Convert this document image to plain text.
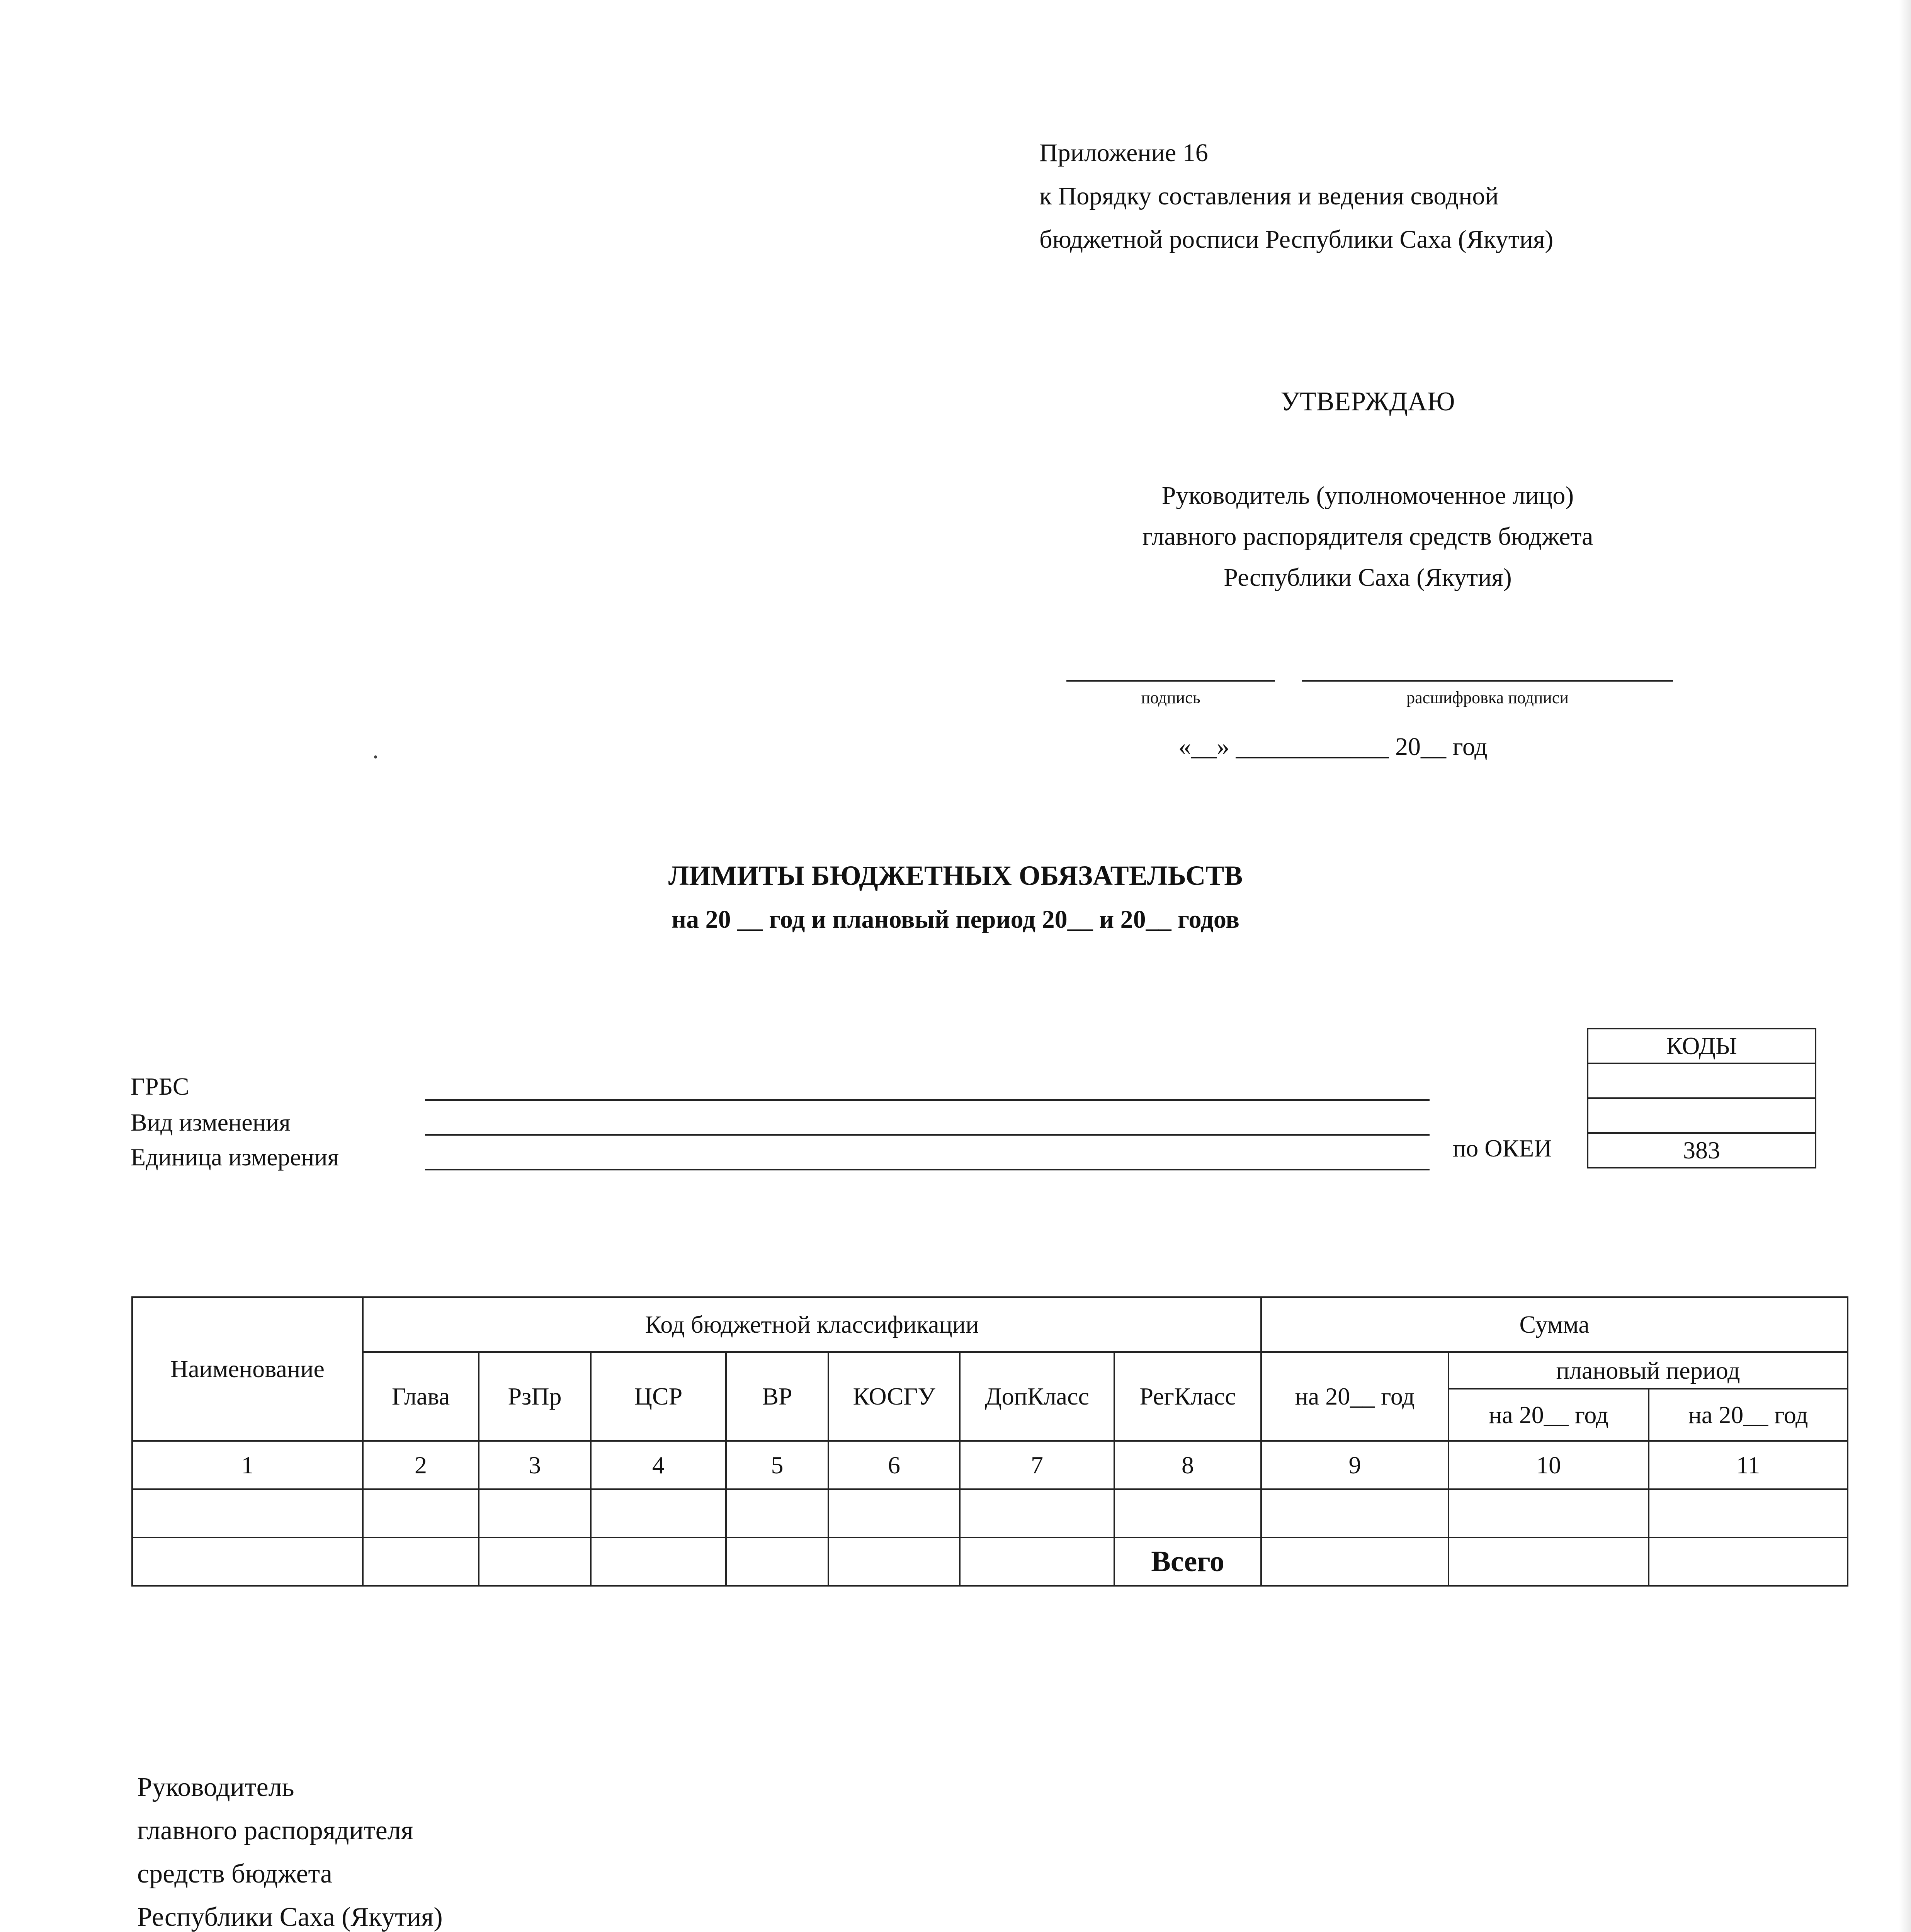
Приложение 16
к Порядку составления и ведения сводной
бюджетной росписи Республики Саха (Якутия)
УТВЕРЖДАЮ
Руководитель (уполномоченное лицо)
главного распорядителя средств бюджета
Республики Саха (Якутия)
подпись	расшифровка подписи
«__» ____________ 20__ год
ЛИМИТЫ БЮДЖЕТНЫХ ОБЯЗАТЕЛЬСТВ
на 20 __ год и плановый период 20__ и 20__ годов
ГРБС
Вид изменения
Единица измерения	по ОКЕИ
КОДЫ

383
Наименование	Код бюджетной классификации							Сумма		
	Глава	РзПр	ЦСР	ВР	КОСГУ	ДопКласс	РегКласс	на 20__ год	плановый период	
									на 20__ год	на 20__ год
1	2	3	4	5	6	7	8	9	10	11

							Всего			
Руководитель
главного распорядителя
средств бюджета
Республики Саха (Якутия)
